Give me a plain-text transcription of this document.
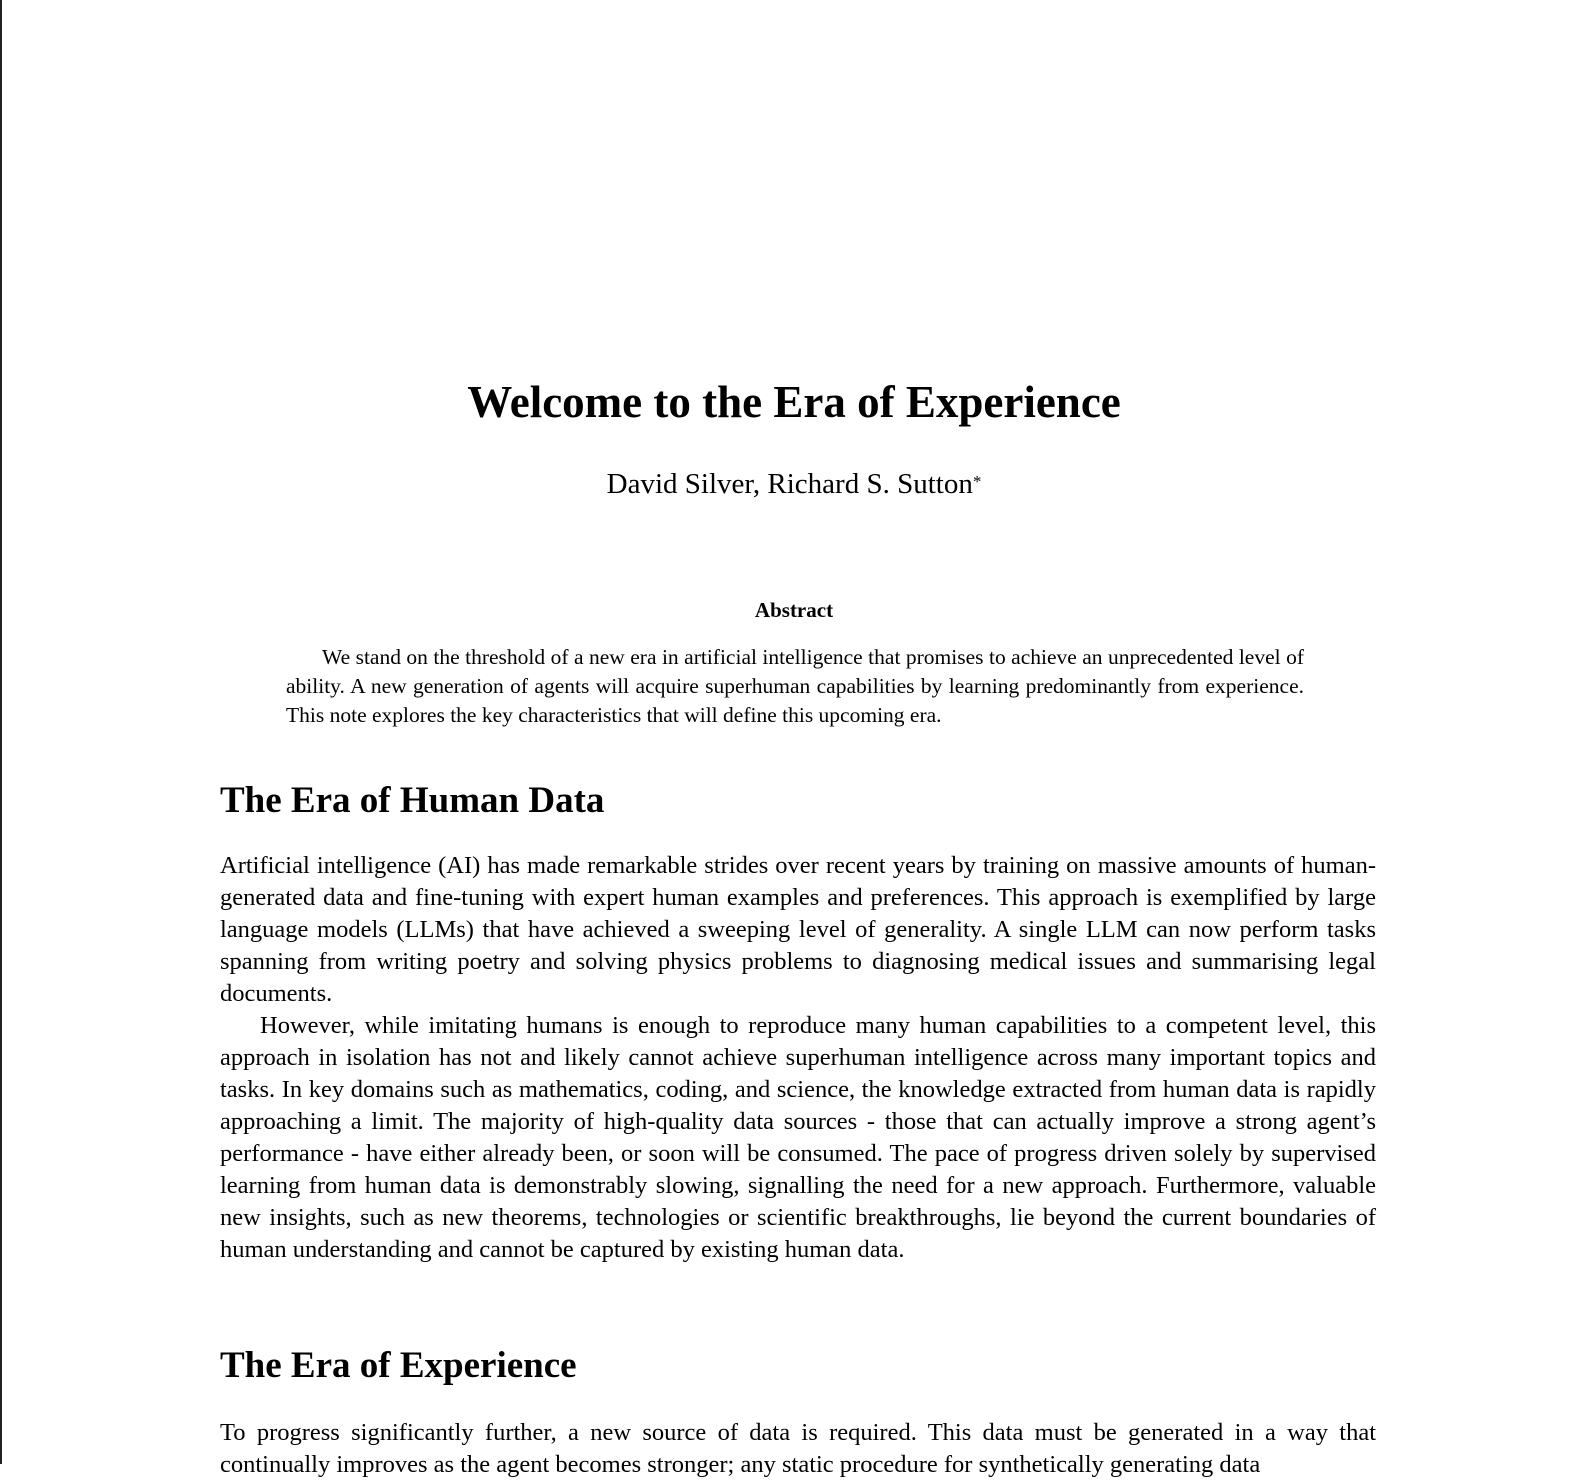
Welcome to the Era of Experience
David Silver, Richard S. Sutton*
Abstract

We stand on the threshold of a new era in artificial intelligence that promises to achieve an unprecedented level of ability. A new generation of agents will acquire superhuman capabilities by learning predominantly from experience. This note explores the key characteristics that will define this upcoming era.

The Era of Human Data

Artificial intelligence (AI) has made remarkable strides over recent years by training on massive amounts of human-generated data and fine-tuning with expert human examples and preferences. This approach is exemplified by large language models (LLMs) that have achieved a sweeping level of generality. A single LLM can now perform tasks spanning from writing poetry and solving physics problems to diagnosing medical issues and summarising legal documents.

However, while imitating humans is enough to reproduce many human capabilities to a competent level, this approach in isolation has not and likely cannot achieve superhuman intelligence across many important topics and tasks. In key domains such as mathematics, coding, and science, the knowledge extracted from human data is rapidly approaching a limit. The majority of high-quality data sources - those that can actually improve a strong agent’s performance - have either already been, or soon will be consumed. The pace of progress driven solely by supervised learning from human data is demonstrably slowing, signalling the need for a new approach. Furthermore, valuable new insights, such as new theorems, technologies or scientific breakthroughs, lie beyond the current boundaries of human understanding and cannot be captured by existing human data.

The Era of Experience

To progress significantly further, a new source of data is required. This data must be generated in a way that continually improves as the agent becomes stronger; any static procedure for synthetically generating data
